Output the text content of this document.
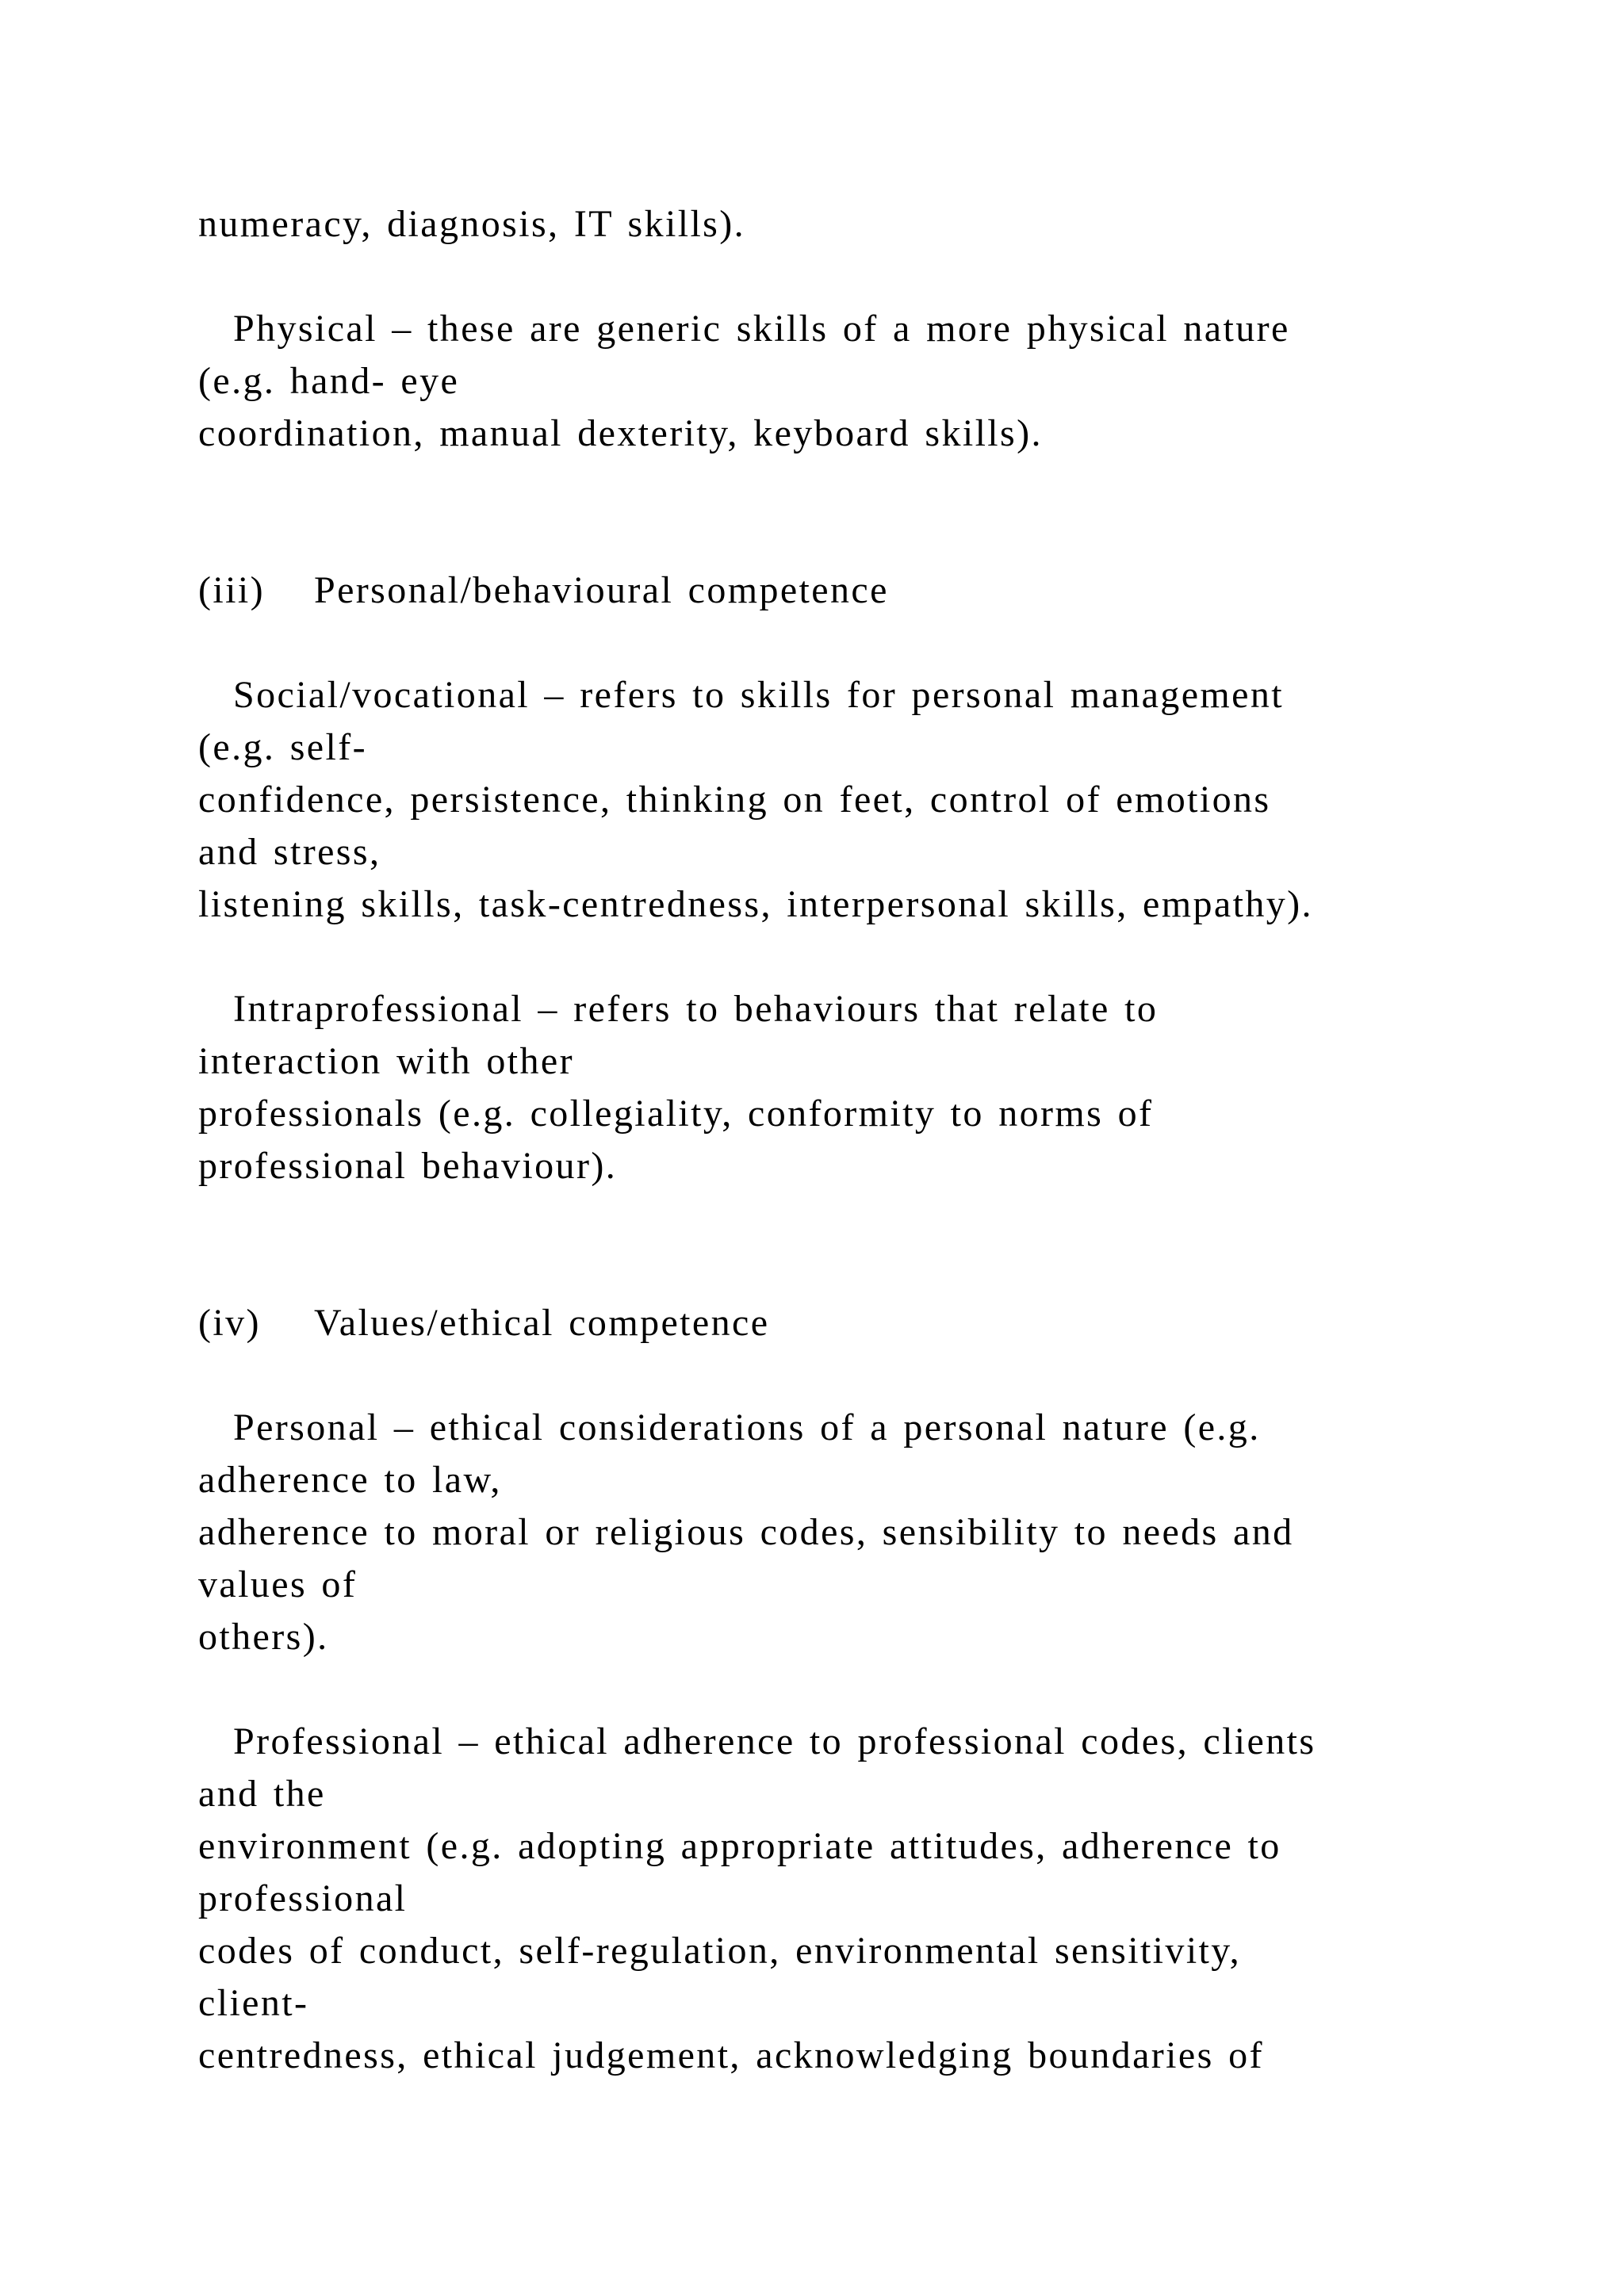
numeracy, diagnosis, IT skills).
Physical – these are generic skills of a more physical nature
(e.g. hand- eye
coordination, manual dexterity, keyboard skills).
(iii) Personal/behavioural competence
Social/vocational – refers to skills for personal management
(e.g. self-
confidence, persistence, thinking on feet, control of emotions
and stress,
listening skills, task-centredness, interpersonal skills, empathy).
Intraprofessional – refers to behaviours that relate to
interaction with other
professionals (e.g. collegiality, conformity to norms of
professional behaviour).
(iv) Values/ethical competence
Personal – ethical considerations of a personal nature (e.g.
adherence to law,
adherence to moral or religious codes, sensibility to needs and
values of
others).
Professional – ethical adherence to professional codes, clients
and the
environment (e.g. adopting appropriate attitudes, adherence to
professional
codes of conduct, self-regulation, environmental sensitivity,
client-
centredness, ethical judgement, acknowledging boundaries of
